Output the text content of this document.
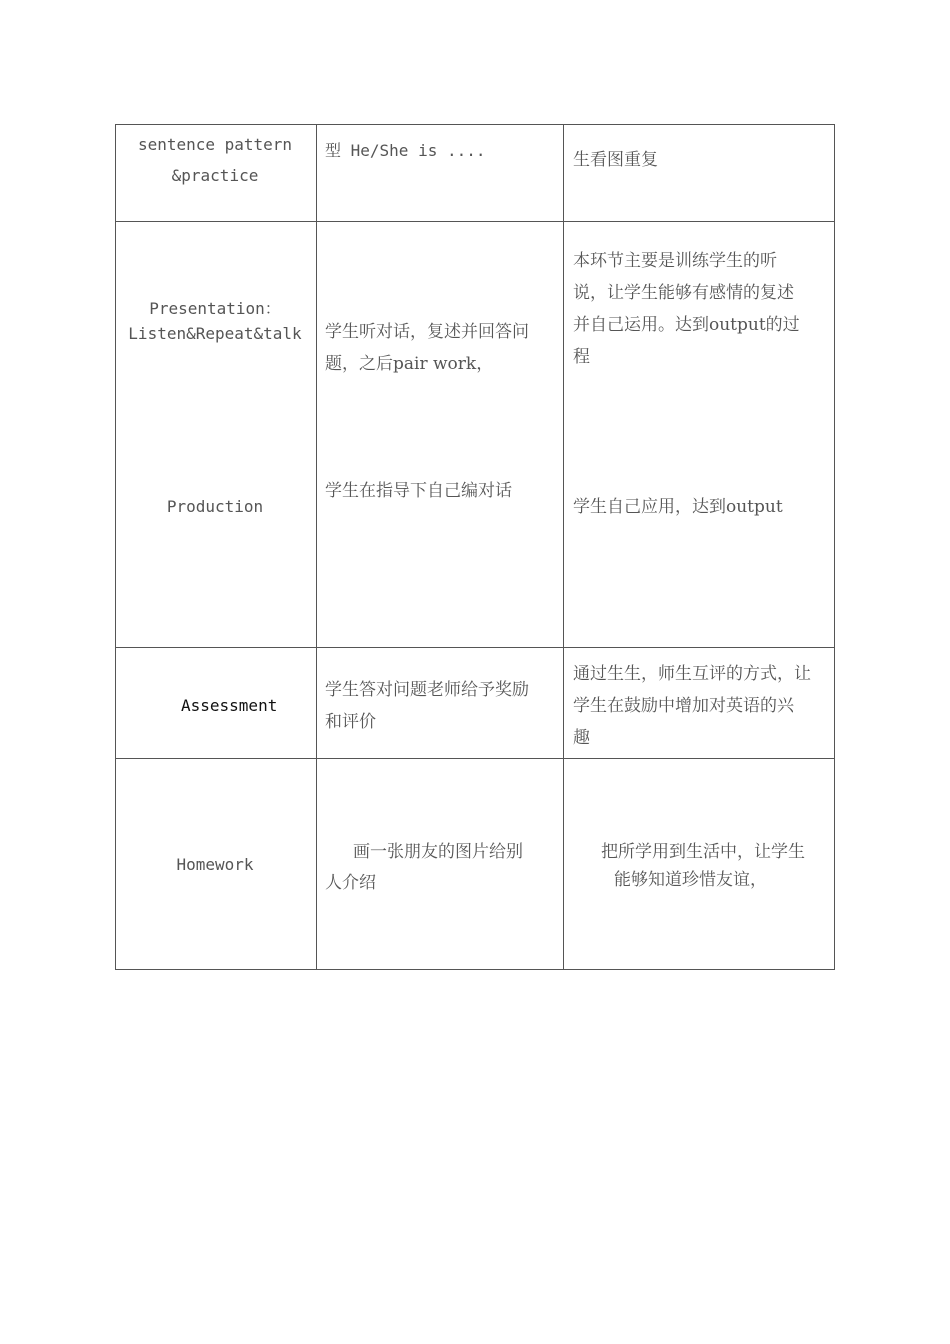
sentence pattern
&practice
型 He/She is ....	生看图重复
Presentation：
Listen&Repeat&talk	学生听对话，复述并回答问
题，之后pair work，
本环节主要是训练学生的听
说，让学生能够有感情的复述
并自己运用。达到output的过
程
Production
学生在指导下自己编对话
学生自己应用，达到output
Assessment
学生答对问题老师给予奖励
和评价
通过生生，师生互评的方式，让
学生在鼓励中增加对英语的兴
趣
Homework
画一张朋友的图片给别
人介绍
把所学用到生活中，让学生
能够知道珍惜友谊，
